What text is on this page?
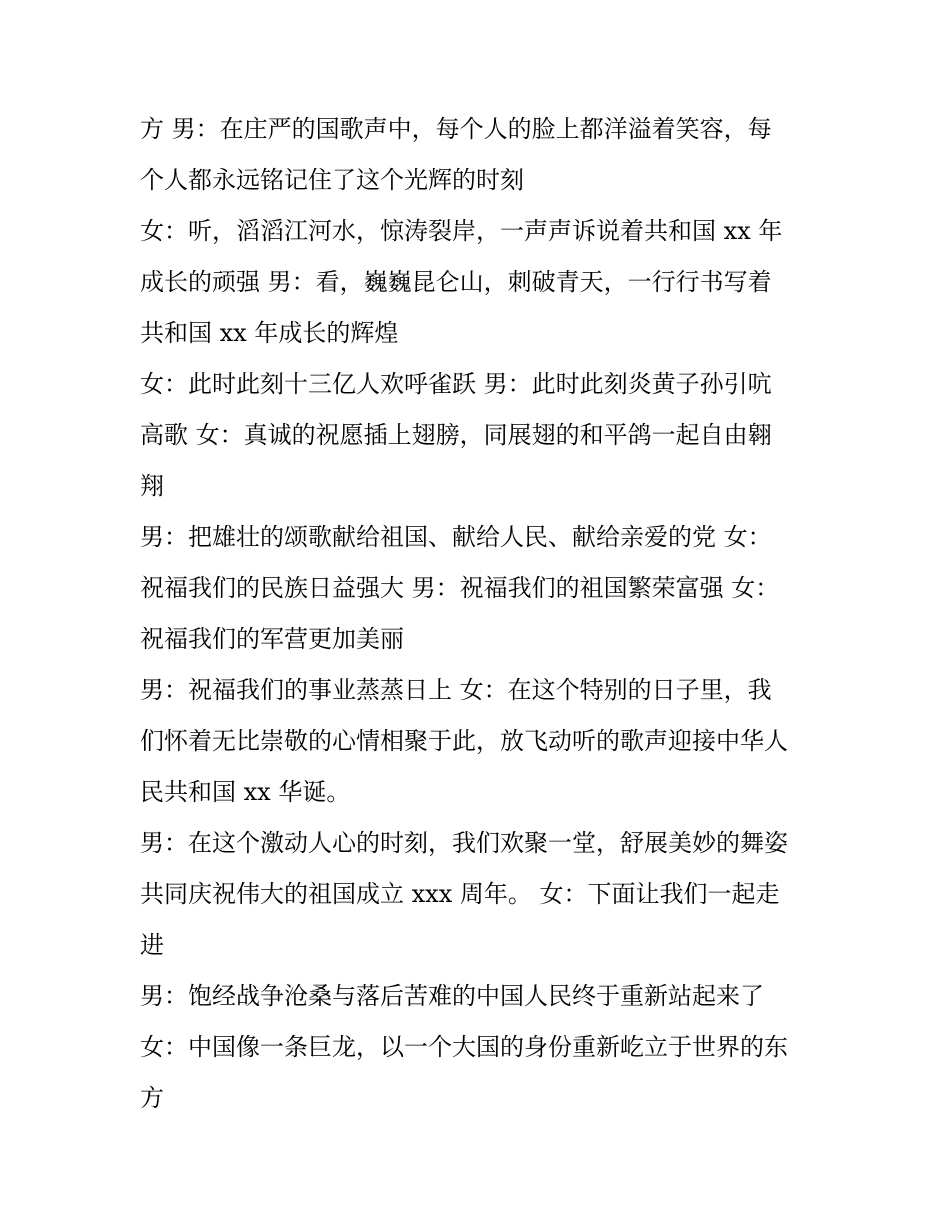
方 男：在庄严的国歌声中，每个人的脸上都洋溢着笑容，每
个人都永远铭记住了这个光辉的时刻
女：听，滔滔江河水，惊涛裂岸，一声声诉说着共和国 xx 年
成长的顽强 男：看，巍巍昆仑山，刺破青天，一行行书写着
共和国 xx 年成长的辉煌
女：此时此刻十三亿人欢呼雀跃 男：此时此刻炎黄子孙引吭
高歌 女：真诚的祝愿插上翅膀，同展翅的和平鸽一起自由翱
翔
男：把雄壮的颂歌献给祖国、献给人民、献给亲爱的党 女：
祝福我们的民族日益强大 男：祝福我们的祖国繁荣富强 女：
祝福我们的军营更加美丽
男：祝福我们的事业蒸蒸日上 女：在这个特别的日子里，我
们怀着无比崇敬的心情相聚于此，放飞动听的歌声迎接中华人
民共和国 xx 华诞。
男：在这个激动人心的时刻，我们欢聚一堂，舒展美妙的舞姿
共同庆祝伟大的祖国成立 xxx 周年。 女：下面让我们一起走
进
男：饱经战争沧桑与落后苦难的中国人民终于重新站起来了
女：中国像一条巨龙，以一个大国的身份重新屹立于世界的东
方
